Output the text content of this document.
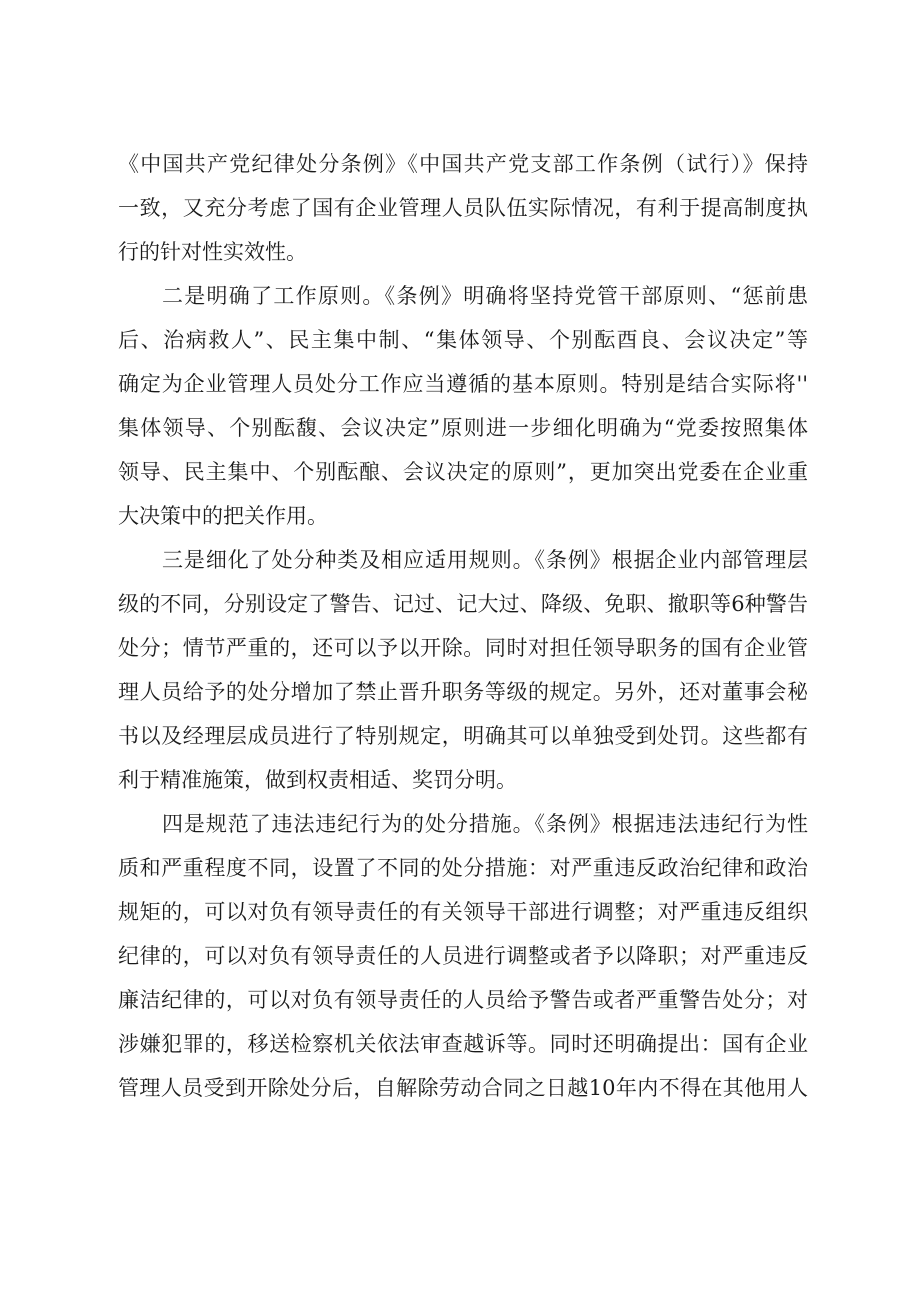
《中国共产党纪律处分条例》《中国共产党支部工作条例（试行）》保持
一致，又充分考虑了国有企业管理人员队伍实际情况，有利于提高制度执
行的针对性实效性。
二是明确了工作原则。《条例》明确将坚持党管干部原则、“惩前患
后、治病救人”、民主集中制、“集体领导、个别酝酉良、会议决定”等
确定为企业管理人员处分工作应当遵循的基本原则。特别是结合实际将''
集体领导、个别酝馥、会议决定”原则进一步细化明确为“党委按照集体
领导、民主集中、个别酝酿、会议决定的原则”，更加突出党委在企业重
大决策中的把关作用。
三是细化了处分种类及相应适用规则。《条例》根据企业内部管理层
级的不同，分别设定了警告、记过、记大过、降级、免职、撤职等6种警告
处分；情节严重的，还可以予以开除。同时对担任领导职务的国有企业管
理人员给予的处分增加了禁止晋升职务等级的规定。另外，还对董事会秘
书以及经理层成员进行了特别规定，明确其可以单独受到处罚。这些都有
利于精准施策，做到权责相适、奖罚分明。
四是规范了违法违纪行为的处分措施。《条例》根据违法违纪行为性
质和严重程度不同，设置了不同的处分措施：对严重违反政治纪律和政治
规矩的，可以对负有领导责任的有关领导干部进行调整；对严重违反组织
纪律的，可以对负有领导责任的人员进行调整或者予以降职；对严重违反
廉洁纪律的，可以对负有领导责任的人员给予警告或者严重警告处分；对
涉嫌犯罪的，移送检察机关依法审查越诉等。同时还明确提出：国有企业
管理人员受到开除处分后，自解除劳动合同之日越10年内不得在其他用人
